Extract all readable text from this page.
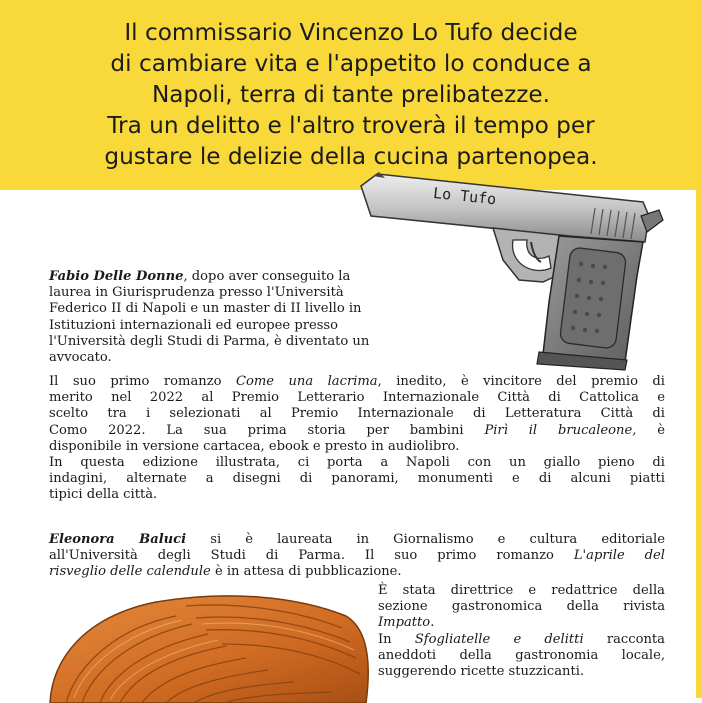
Il commissario Vincenzo Lo Tufo decide
di cambiare vita e l'appetito lo conduce a
Napoli, terra di tante prelibatezze.
Tra un delitto e l'altro troverà il tempo per
gustare le delizie della cucina partenopea.
Lo Tufo
Fabio Delle Donne, dopo aver conseguito la
laurea in Giurisprudenza presso l'Università
Federico II di Napoli e un master di II livello in
Istituzioni internazionali ed europee presso
l'Università degli Studi di Parma, è diventato un
avvocato.
Il suo primo romanzo Come una lacrima, inedito, è vincitore del premio di
merito nel 2022 al Premio Letterario Internazionale Città di Cattolica e
scelto tra i selezionati al Premio Internazionale di Letteratura Città di
Como 2022. La sua prima storia per bambini Pirì il brucaleone, è
disponibile in versione cartacea, ebook e presto in audiolibro.
In questa edizione illustrata, ci porta a Napoli con un giallo pieno di
indagini, alternate a disegni di panorami, monumenti e di alcuni piatti
tipici della città.
Eleonora Baluci si è laureata in Giornalismo e cultura editoriale
all'Università degli Studi di Parma. Il suo primo romanzo L'aprile del
risveglio delle calendule è in attesa di pubblicazione.
È stata direttrice e redattrice della
sezione gastronomica della rivista
Impatto.
In Sfogliatelle e delitti racconta
aneddoti della gastronomia locale,
suggerendo ricette stuzzicanti.
